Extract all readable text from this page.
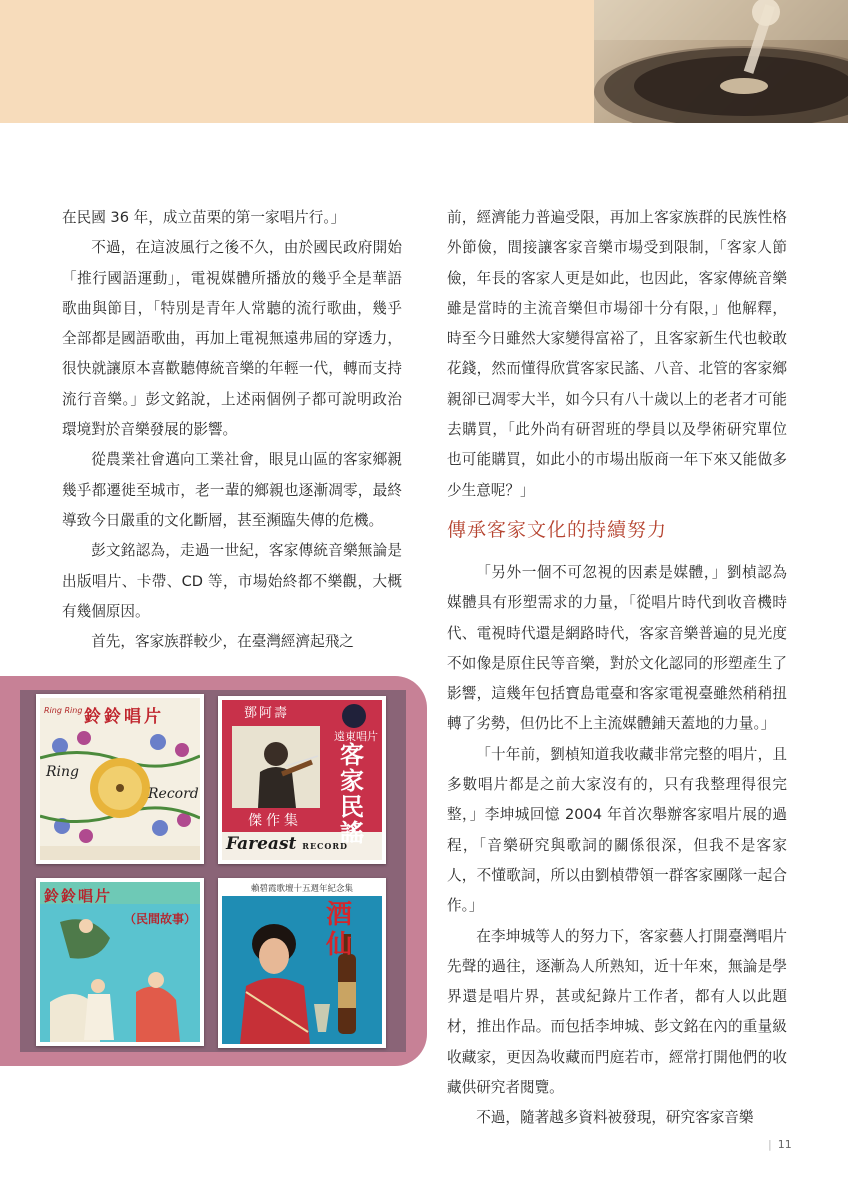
在民國 36 年，成立苗栗的第一家唱片行。」

不過，在這波風行之後不久，由於國民政府開始「推行國語運動」，電視媒體所播放的幾乎全是華語歌曲與節目，「特別是青年人常聽的流行歌曲，幾乎全部都是國語歌曲，再加上電視無遠弗屆的穿透力，很快就讓原本喜歡聽傳統音樂的年輕一代，轉而支持流行音樂。」彭文銘說，上述兩個例子都可說明政治環境對於音樂發展的影響。

從農業社會邁向工業社會，眼見山區的客家鄉親幾乎都遷徙至城市，老一輩的鄉親也逐漸凋零，最終導致今日嚴重的文化斷層，甚至瀕臨失傳的危機。

彭文銘認為，走過一世紀，客家傳統音樂無論是出版唱片、卡帶、CD 等，市場始終都不樂觀，大概有幾個原因。

首先，客家族群較少，在臺灣經濟起飛之

前，經濟能力普遍受限，再加上客家族群的民族性格外節儉，間接讓客家音樂市場受到限制，「客家人節儉，年長的客家人更是如此，也因此，客家傳統音樂雖是當時的主流音樂但市場卻十分有限，」他解釋，時至今日雖然大家變得富裕了，且客家新生代也較敢花錢，然而懂得欣賞客家民謠、八音、北管的客家鄉親卻已凋零大半，如今只有八十歲以上的老者才可能去購買，「此外尚有研習班的學員以及學術研究單位也可能購買，如此小的市場出版商一年下來又能做多少生意呢？」

傳承客家文化的持續努力

「另外一個不可忽視的因素是媒體，」劉楨認為媒體具有形塑需求的力量，「從唱片時代到收音機時代、電視時代還是網路時代，客家音樂普遍的見光度不如像是原住民等音樂，對於文化認同的形塑產生了影響，這幾年包括寶島電臺和客家電視臺雖然稍稍扭轉了劣勢，但仍比不上主流媒體鋪天蓋地的力量。」

「十年前，劉楨知道我收藏非常完整的唱片，且多數唱片都是之前大家沒有的，只有我整理得很完整，」李坤城回憶 2004 年首次舉辦客家唱片展的過程，「音樂研究與歌詞的關係很深，但我不是客家人，不懂歌詞，所以由劉楨帶領一群客家團隊一起合作。」

在李坤城等人的努力下，客家藝人打開臺灣唱片先聲的過往，逐漸為人所熟知，近十年來，無論是學界還是唱片界，甚或紀錄片工作者，都有人以此題材，推出作品。而包括李坤城、彭文銘在內的重量級收藏家，更因為收藏而門庭若市，經常打開他們的收藏供研究者閱覽。

不過，隨著越多資料被發現，研究客家音樂

鈴鈴唱片
Ring Ring
Ring
Record
鄧阿壽
遠東唱片
客家民謠
傑作集
Fareast RECORD
鈴鈴唱片
（民間故事）
賴碧霞歌壇十五週年紀念集
酒仙
| 11
